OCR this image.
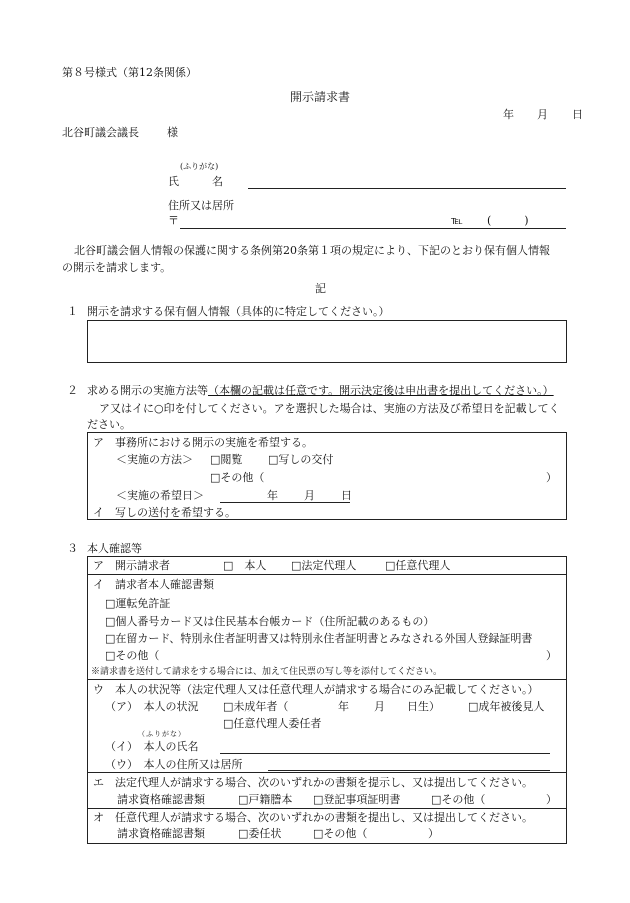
第８号様式（第12条関係）
開示請求書
年 月 日
北谷町議会議長	様
(ふりがな)
氏　　　名
住所又は居所
〒	℡ (　　　)
北谷町議会個人情報の保護に関する条例第20条第１項の規定により、下記のとおり保有個人情報
の開示を請求します。
記
１ 開示を請求する保有個人情報（具体的に特定してください。）
２ 求める開示の実施方法等（本欄の記載は任意です。開示決定後は申出書を提出してください。）
ア又はイに○印を付してください。アを選択した場合は、実施の方法及び希望日を記載してく
ださい。
ア　事務所における開示の実施を希望する。
＜実施の方法＞ □閲覧 □写しの交付
□その他（	）
＜実施の希望日＞	年 月 日
イ　写しの送付を希望する。
３ 本人確認等
ア　開示請求者	□　本人 □法定代理人	□任意代理人
イ　請求者本人確認書類
□運転免許証
□個人番号カード又は住民基本台帳カード（住所記載のあるもの）
□在留カード、特別永住者証明書又は特別永住者証明書とみなされる外国人登録証明書
□その他（	）
※請求書を送付して請求をする場合には、加えて住民票の写し等を添付してください。
ウ　本人の状況等（法定代理人又は任意代理人が請求する場合にのみ記載してください。）
（ア）　本人の状況 □未成年者（	年 月 日生）	□成年被後見人
□任意代理人委任者
（ふりがな）
（イ）　本人の氏名
（ウ）　本人の住所又は居所
エ　法定代理人が請求する場合、次のいずれかの書類を提示し、又は提出してください。
請求資格確認書類	□戸籍謄本 □登記事項証明書	□その他（	）
オ　任意代理人が請求する場合、次のいずれかの書類を提出し、又は提出してください。
請求資格確認書類	□委任状	□その他（	）
